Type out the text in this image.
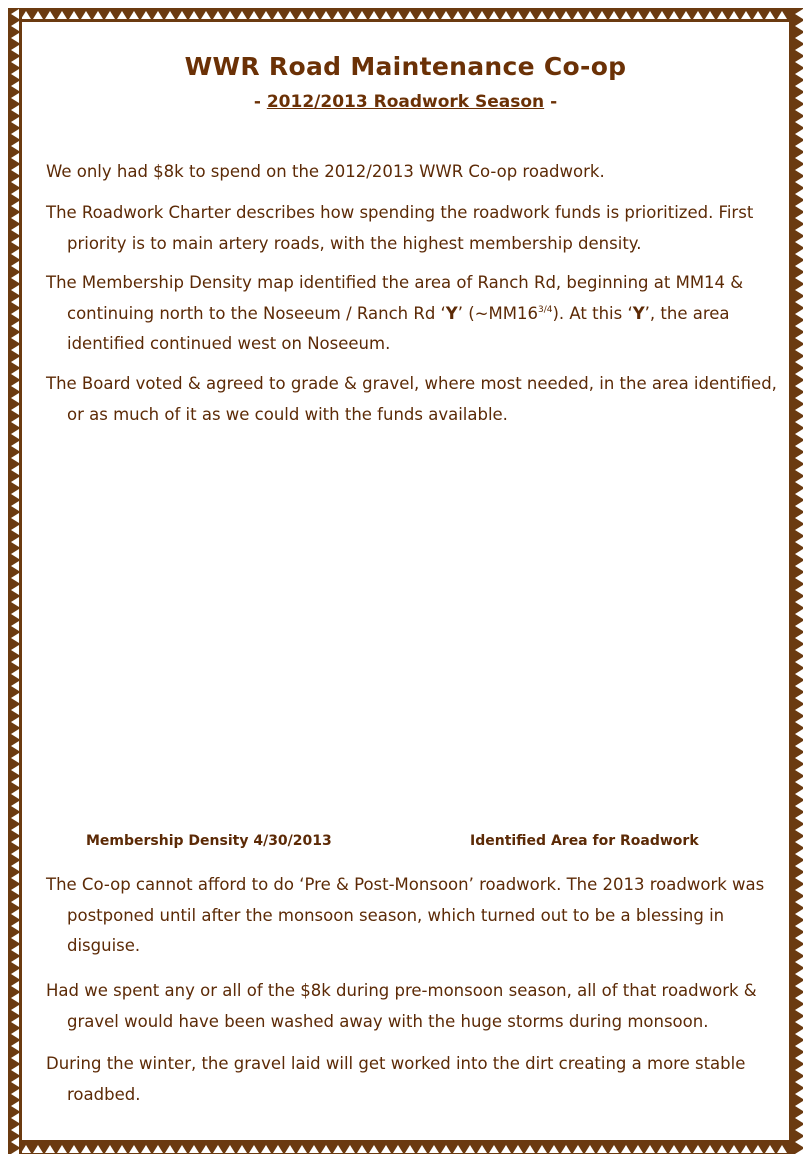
WWR Road Maintenance Co-op
- 2012/2013 Roadwork Season -
We only had $8k to spend on the 2012/2013 WWR Co-op roadwork.
The Roadwork Charter describes how spending the roadwork funds is prioritized. First priority is to main artery roads, with the highest membership density.
The Membership Density map identified the area of Ranch Rd, beginning at MM14 & continuing north to the Noseeum / Ranch Rd ‘Y’ $(\sim MM16^{3/4})$. At this ‘Y’, the area identified continued west on Noseeum.
The Board voted & agreed to grade & gravel, where most needed, in the area identified, or as much of it as we could with the funds available.
Membership Density 4/30/2013	Identified Area for Roadwork
The Co-op cannot afford to do ‘Pre & Post-Monsoon’ roadwork. The 2013 roadwork was postponed until after the monsoon season, which turned out to be a blessing in disguise.
Had we spent any or all of the $8k during pre-monsoon season, all of that roadwork & gravel would have been washed away with the huge storms during monsoon.
During the winter, the gravel laid will get worked into the dirt creating a more stable roadbed.
